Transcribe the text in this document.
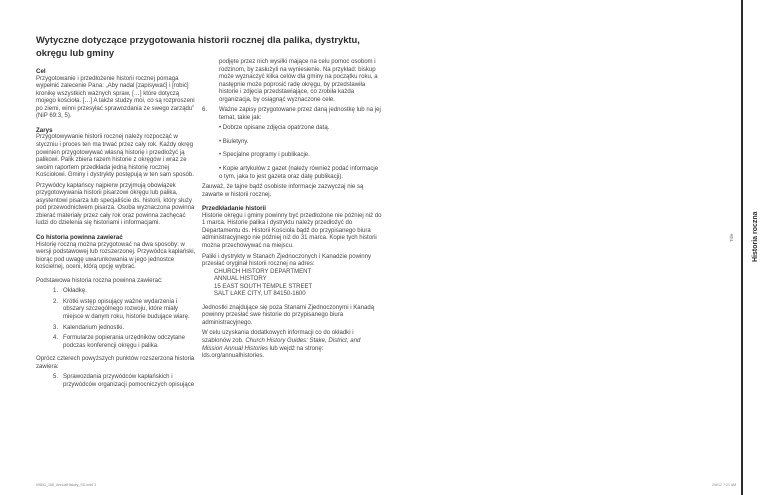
Wytyczne dotyczące przygotowania historii rocznej dla palika, dystryktu, okręgu lub gminy
Cel

Przygotowanie i przedłożenie historii rocznej pomaga wypełnić zalecenie Pana: „Aby nadal [zapisywać] i [robić] kronikę wszystkich ważnych spraw, […] które dotyczą mojego kościoła. […] A także studzy moi, co są rozproszeni po ziemi, winni przesyłać sprawozdania ze swego zarządu” (NiP 69:3, 5).

Zarys

Przygotowywanie historii rocznej należy rozpocząć w styczniu i proces ten ma trwać przez cały rok. Każdy okręg powinien przygotowywać własną historię i przedłożyć ją palikowi. Palik zbiera razem historie z okręgów i wraz ze swoim raportem przedkłada jedną historię rocznej Kościołowi. Gminy i dystrykty postępują w ten sam sposób.

Przywódcy kapłańscy najpierw przyjmują obowiązek przygotowywania historii pisarzowi okręgu lub palika, asystentowi pisarza lub specjaliście ds. historii, który służy pod przewodnictwem pisarza. Osoba wyznaczona powinna zbierać materiały przez cały rok oraz powinna zachęcać ludzi do dzielenia się historiami i informacjami.

Co historia powinna zawierać

Historię roczną można przygotować na dwa sposoby: w wersji podstawowej lub rozszerzonej. Przywódca kapłański, biorąc pod uwagę uwarunkowania w jego jednostce kościelnej, oceni, którą opcję wybrać.

Podstawowa historia roczna powinna zawierać:

1. Okładkę.
2. Krótki wstęp opisujący ważne wydarzenia i obszary szczególnego rozwoju, które miały miejsce w danym roku, historie budujące wiarę.
3. Kalendarium jednostki.
4. Formularze popierania urzędników odczytane podczas konferencji okręgu i palika.

Oprócz czterech powyższych punktów rozszerzona historia zawiera:

5. Sprawozdania przywódców kapłańskich i przywódców organizacji pomocniczych opisujące

podjęte przez nich wysiłki mające na celu pomoc osobom i rodzinom, by zasłużyli na wyniesienie. Na przykład: biskup może wyznaczyć kilka celów dla gminy na początku roku, a następnie może poprosić radę okręgu, by przedstawiła historie i zdjęcia przedstawiające, co zrobiła każda organizacja, by osiągnąć wyznaczone cele.

6.	Ważne zapisy przygotowane przez daną jednostkę lub na jej temat, takie jak:

• Dobrze opisane zdjęcia opatrzone datą.

• Biuletyny.

• Specjalne programy i publikacje.

• Kopie artykułów z gazet (należy również podać informacje o tym, jaka to jest gazeta oraz datę publikacji).

Zauważ, że tajne bądź osobiste informacje zazwyczaj nie są zawarte w historii rocznej.

Przedkładanie historii

Historie okręgu i gminy powinny być przedłożone nie później niż do 1 marca. Historie palika i dystryktu należy przedłożyć do Departamentu ds. Historii Kościoła bądź do przypisanego biura administracyjnego nie później niż do 31 marca. Kopie tych historii można przechowywać na miejscu.

Paliki i dystrykty w Stanach Zjednoczonych i Kanadzie powinny przesłać oryginał historii rocznej na adres:

CHURCH HISTORY DEPARTMENT
ANNUAL HISTORY
15 EAST SOUTH TEMPLE STREET
SALT LAKE CITY, UT 84150-1600

Jednostki znajdujące się poza Stanami Zjednoczonymi i Kanadą powinny przesłać swe historie do przypisanego biura administracyjnego.

W celu uzyskania dodatkowych informacji co do okładki i szablonów zob. Church History Guides: Stake, District, and Mission Annual Histories lub wejdź na stronę: lds.org/annualhistories.

Title	Historia roczna
09891_166_AnnualHistory_SD.indd 3	2/8/12 7:21 AM
